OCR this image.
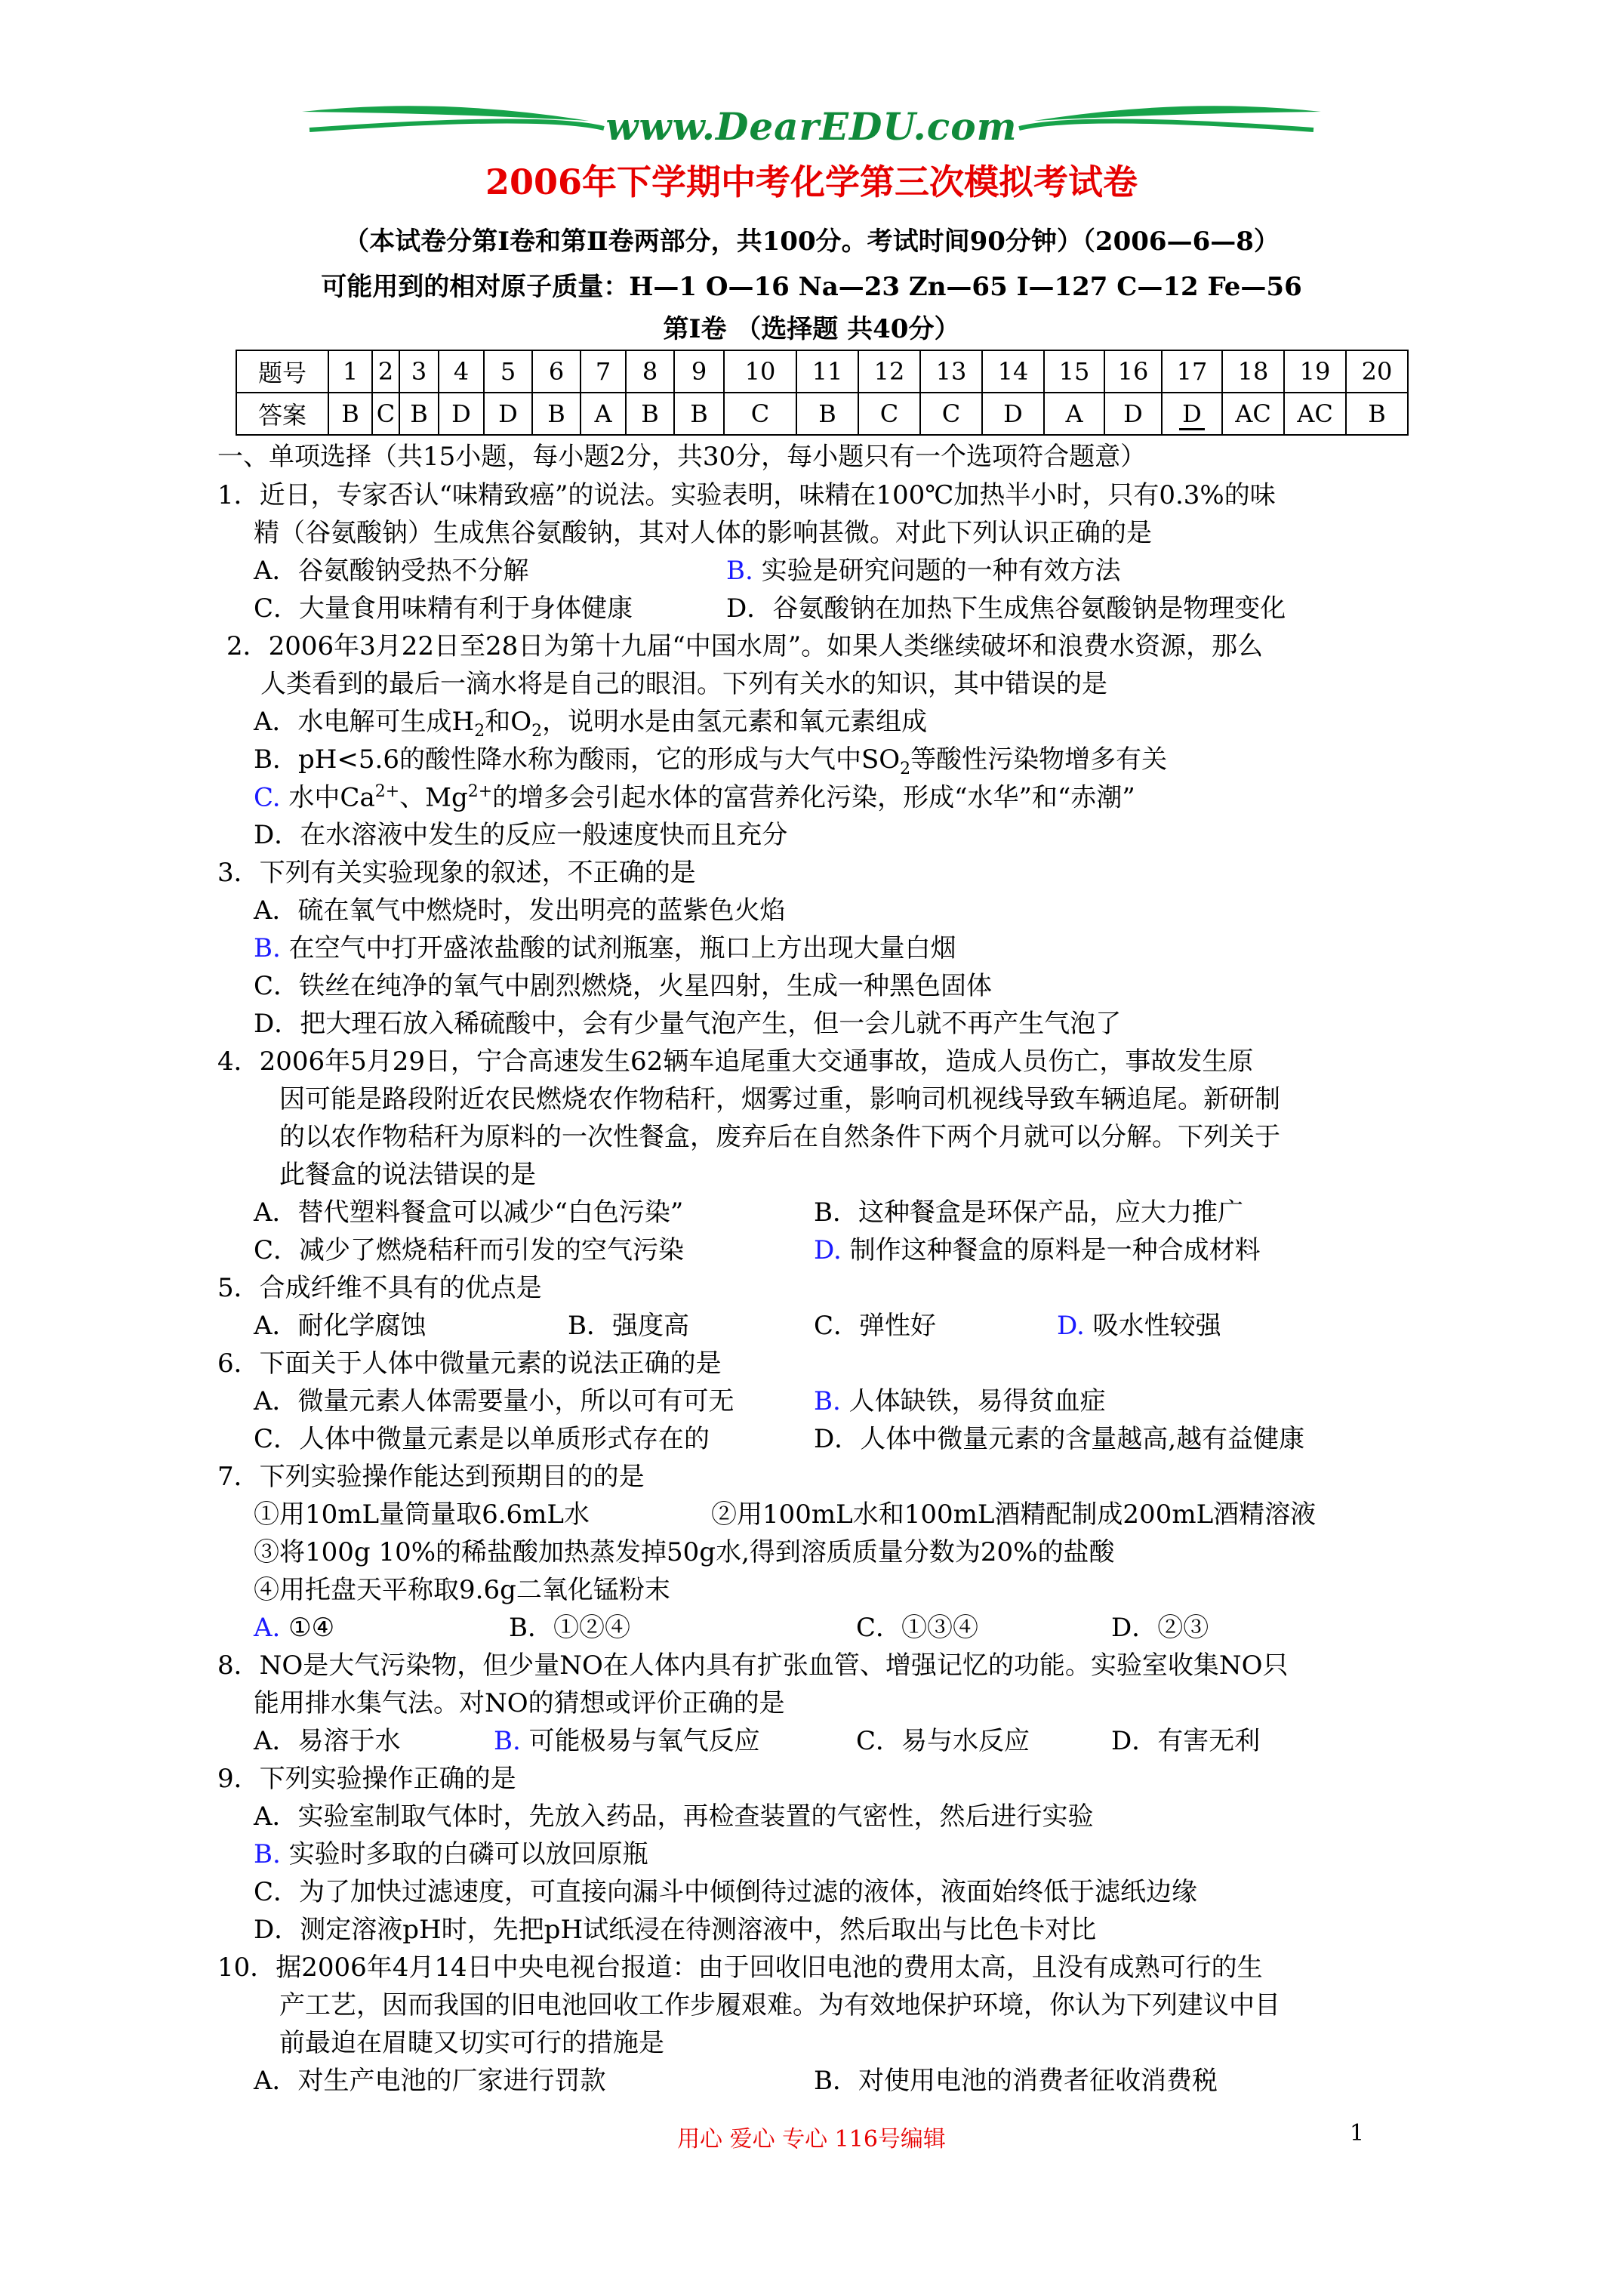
www.DearEDU.com
2006年下学期中考化学第三次模拟考试卷
（本试卷分第Ⅰ卷和第Ⅱ卷两部分，共100分。考试时间90分钟）（2006—6—8）
可能用到的相对原子质量：H—1 O—16 Na—23 Zn—65 I—127 C—12 Fe—56
第Ⅰ卷 （选择题 共40分）
题号	1	2	3	4	5	6	7	8	9	10	11	12	13	14	15	16	17	18	19	20
答案	B	C	B	D	D	B	A	B	B	C	B	C	C	D	A	D	D	AC	AC	B
一、单项选择（共15小题，每小题2分，共30分，每小题只有一个选项符合题意）
1．近日，专家否认“味精致癌”的说法。实验表明，味精在100℃加热半小时，只有0.3%的味
精（谷氨酸钠）生成焦谷氨酸钠，其对人体的影响甚微。对此下列认识正确的是
A．谷氨酸钠受热不分解	B. 实验是研究问题的一种有效方法
C．大量食用味精有利于身体健康	D．谷氨酸钠在加热下生成焦谷氨酸钠是物理变化
2．2006年3月22日至28日为第十九届“中国水周”。如果人类继续破坏和浪费水资源，那么
人类看到的最后一滴水将是自己的眼泪。下列有关水的知识，其中错误的是
A．水电解可生成$H_2$和$O_2$，说明水是由氢元素和氧元素组成
B．pH<5.6的酸性降水称为酸雨，它的形成与大气中$SO_2$等酸性污染物增多有关
C. 水中$Ca^{2+}$、$Mg^{2+}$的增多会引起水体的富营养化污染，形成“水华”和“赤潮”
D．在水溶液中发生的反应一般速度快而且充分
3．下列有关实验现象的叙述，不正确的是
A．硫在氧气中燃烧时，发出明亮的蓝紫色火焰
B. 在空气中打开盛浓盐酸的试剂瓶塞，瓶口上方出现大量白烟
C．铁丝在纯净的氧气中剧烈燃烧，火星四射，生成一种黑色固体
D．把大理石放入稀硫酸中，会有少量气泡产生，但一会儿就不再产生气泡了
4．2006年5月29日，宁合高速发生62辆车追尾重大交通事故，造成人员伤亡，事故发生原
因可能是路段附近农民燃烧农作物秸秆，烟雾过重，影响司机视线导致车辆追尾。新研制
的以农作物秸秆为原料的一次性餐盒，废弃后在自然条件下两个月就可以分解。下列关于
此餐盒的说法错误的是
A．替代塑料餐盒可以减少“白色污染”	B．这种餐盒是环保产品，应大力推广
C．减少了燃烧秸秆而引发的空气污染	D. 制作这种餐盒的原料是一种合成材料
5．合成纤维不具有的优点是
A．耐化学腐蚀	B．强度高	C．弹性好	D. 吸水性较强
6．下面关于人体中微量元素的说法正确的是
A．微量元素人体需要量小，所以可有可无	B. 人体缺铁，易得贫血症
C．人体中微量元素是以单质形式存在的	D．人体中微量元素的含量越高,越有益健康
7．下列实验操作能达到预期目的的是
①用10mL量筒量取6.6mL水	②用100mL水和100mL酒精配制成200mL酒精溶液
③将100g 10%的稀盐酸加热蒸发掉50g水,得到溶质质量分数为20%的盐酸
④用托盘天平称取9.6g二氧化锰粉末
A. ①④	B．①②④	C．①③④	D．②③
8．NO是大气污染物，但少量NO在人体内具有扩张血管、增强记忆的功能。实验室收集NO只
能用排水集气法。对NO的猜想或评价正确的是
A．易溶于水	B. 可能极易与氧气反应	C．易与水反应	D．有害无利
9．下列实验操作正确的是
A．实验室制取气体时，先放入药品，再检查装置的气密性，然后进行实验
B. 实验时多取的白磷可以放回原瓶
C．为了加快过滤速度，可直接向漏斗中倾倒待过滤的液体，液面始终低于滤纸边缘
D．测定溶液pH时，先把pH试纸浸在待测溶液中，然后取出与比色卡对比
10．据2006年4月14日中央电视台报道：由于回收旧电池的费用太高，且没有成熟可行的生
产工艺，因而我国的旧电池回收工作步履艰难。为有效地保护环境，你认为下列建议中目
前最迫在眉睫又切实可行的措施是
A．对生产电池的厂家进行罚款	B．对使用电池的消费者征收消费税
用心 爱心 专心 116号编辑	1
